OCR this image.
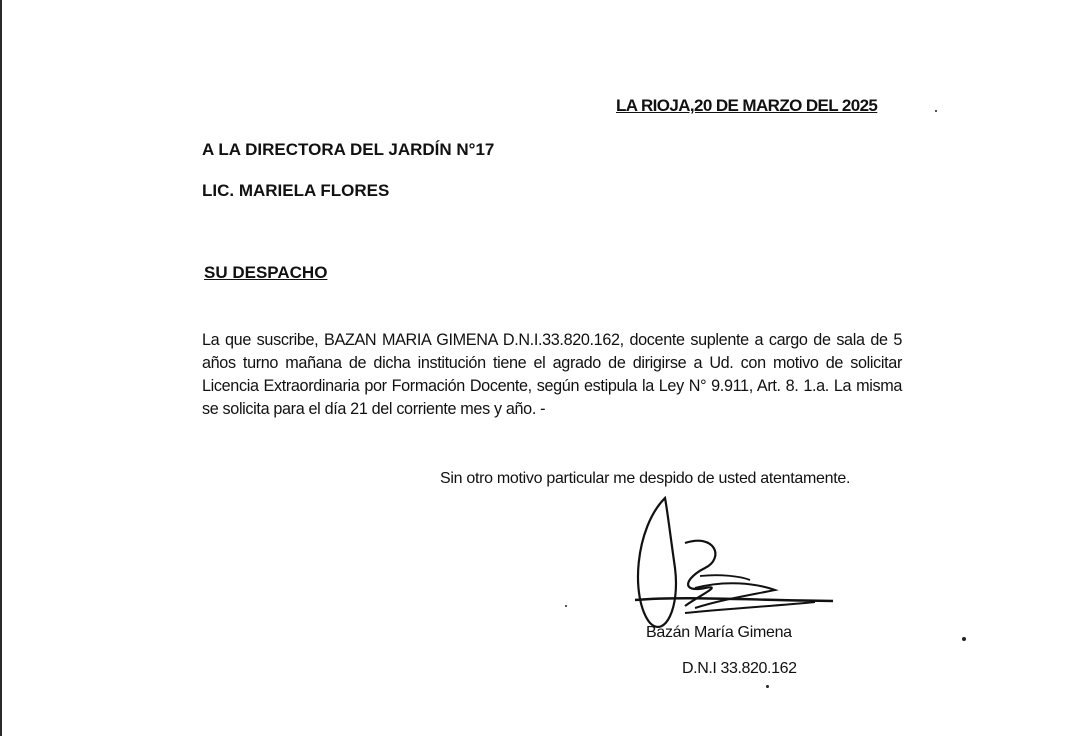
LA RIOJA,20 DE MARZO DEL 2025
A LA DIRECTORA DEL JARDÍN N°17
LIC. MARIELA FLORES
SU DESPACHO
La que suscribe, BAZAN MARIA GIMENA D.N.I.33.820.162, docente suplente a cargo de sala de 5 años turno mañana de dicha institución tiene el agrado de dirigirse a Ud. con motivo de solicitar Licencia Extraordinaria por Formación Docente, según estipula la Ley N° 9.911, Art. 8. 1.a. La misma se solicita para el día 21 del corriente mes y año. -
Sin otro motivo particular me despido de usted atentamente.
Bazán María Gimena
D.N.I 33.820.162
